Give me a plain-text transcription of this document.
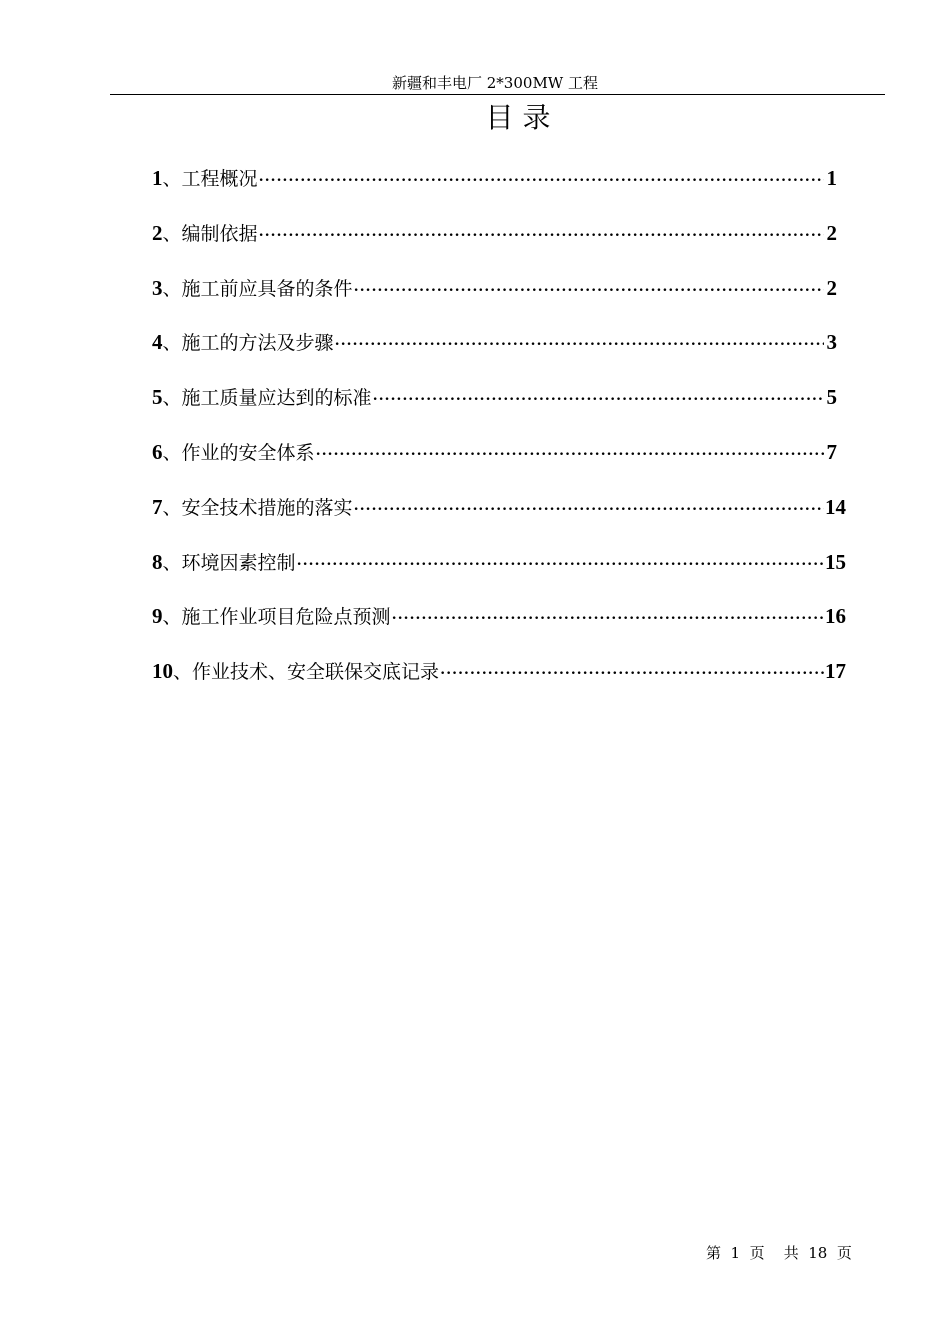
新疆和丰电厂 2*300MW 工程
目 录
1 、 工程概况 ·····	1
2 、 编制依据 ·····	2
3 、 施工前应具备的条件 ·····	2
4 、 施工的方法及步骤 ·····	3
5 、 施工质量应达到的标准 ·····	5
6 、 作业的安全体系 ·····	7
7 、 安全技术措施的落实 ·····	14
8 、 环境因素控制 ·····	15
9 、 施工作业项目危险点预测 ·····	16
10 、 作业技术、安全联保交底记录 ·····	17
第  1  页    共  18  页
